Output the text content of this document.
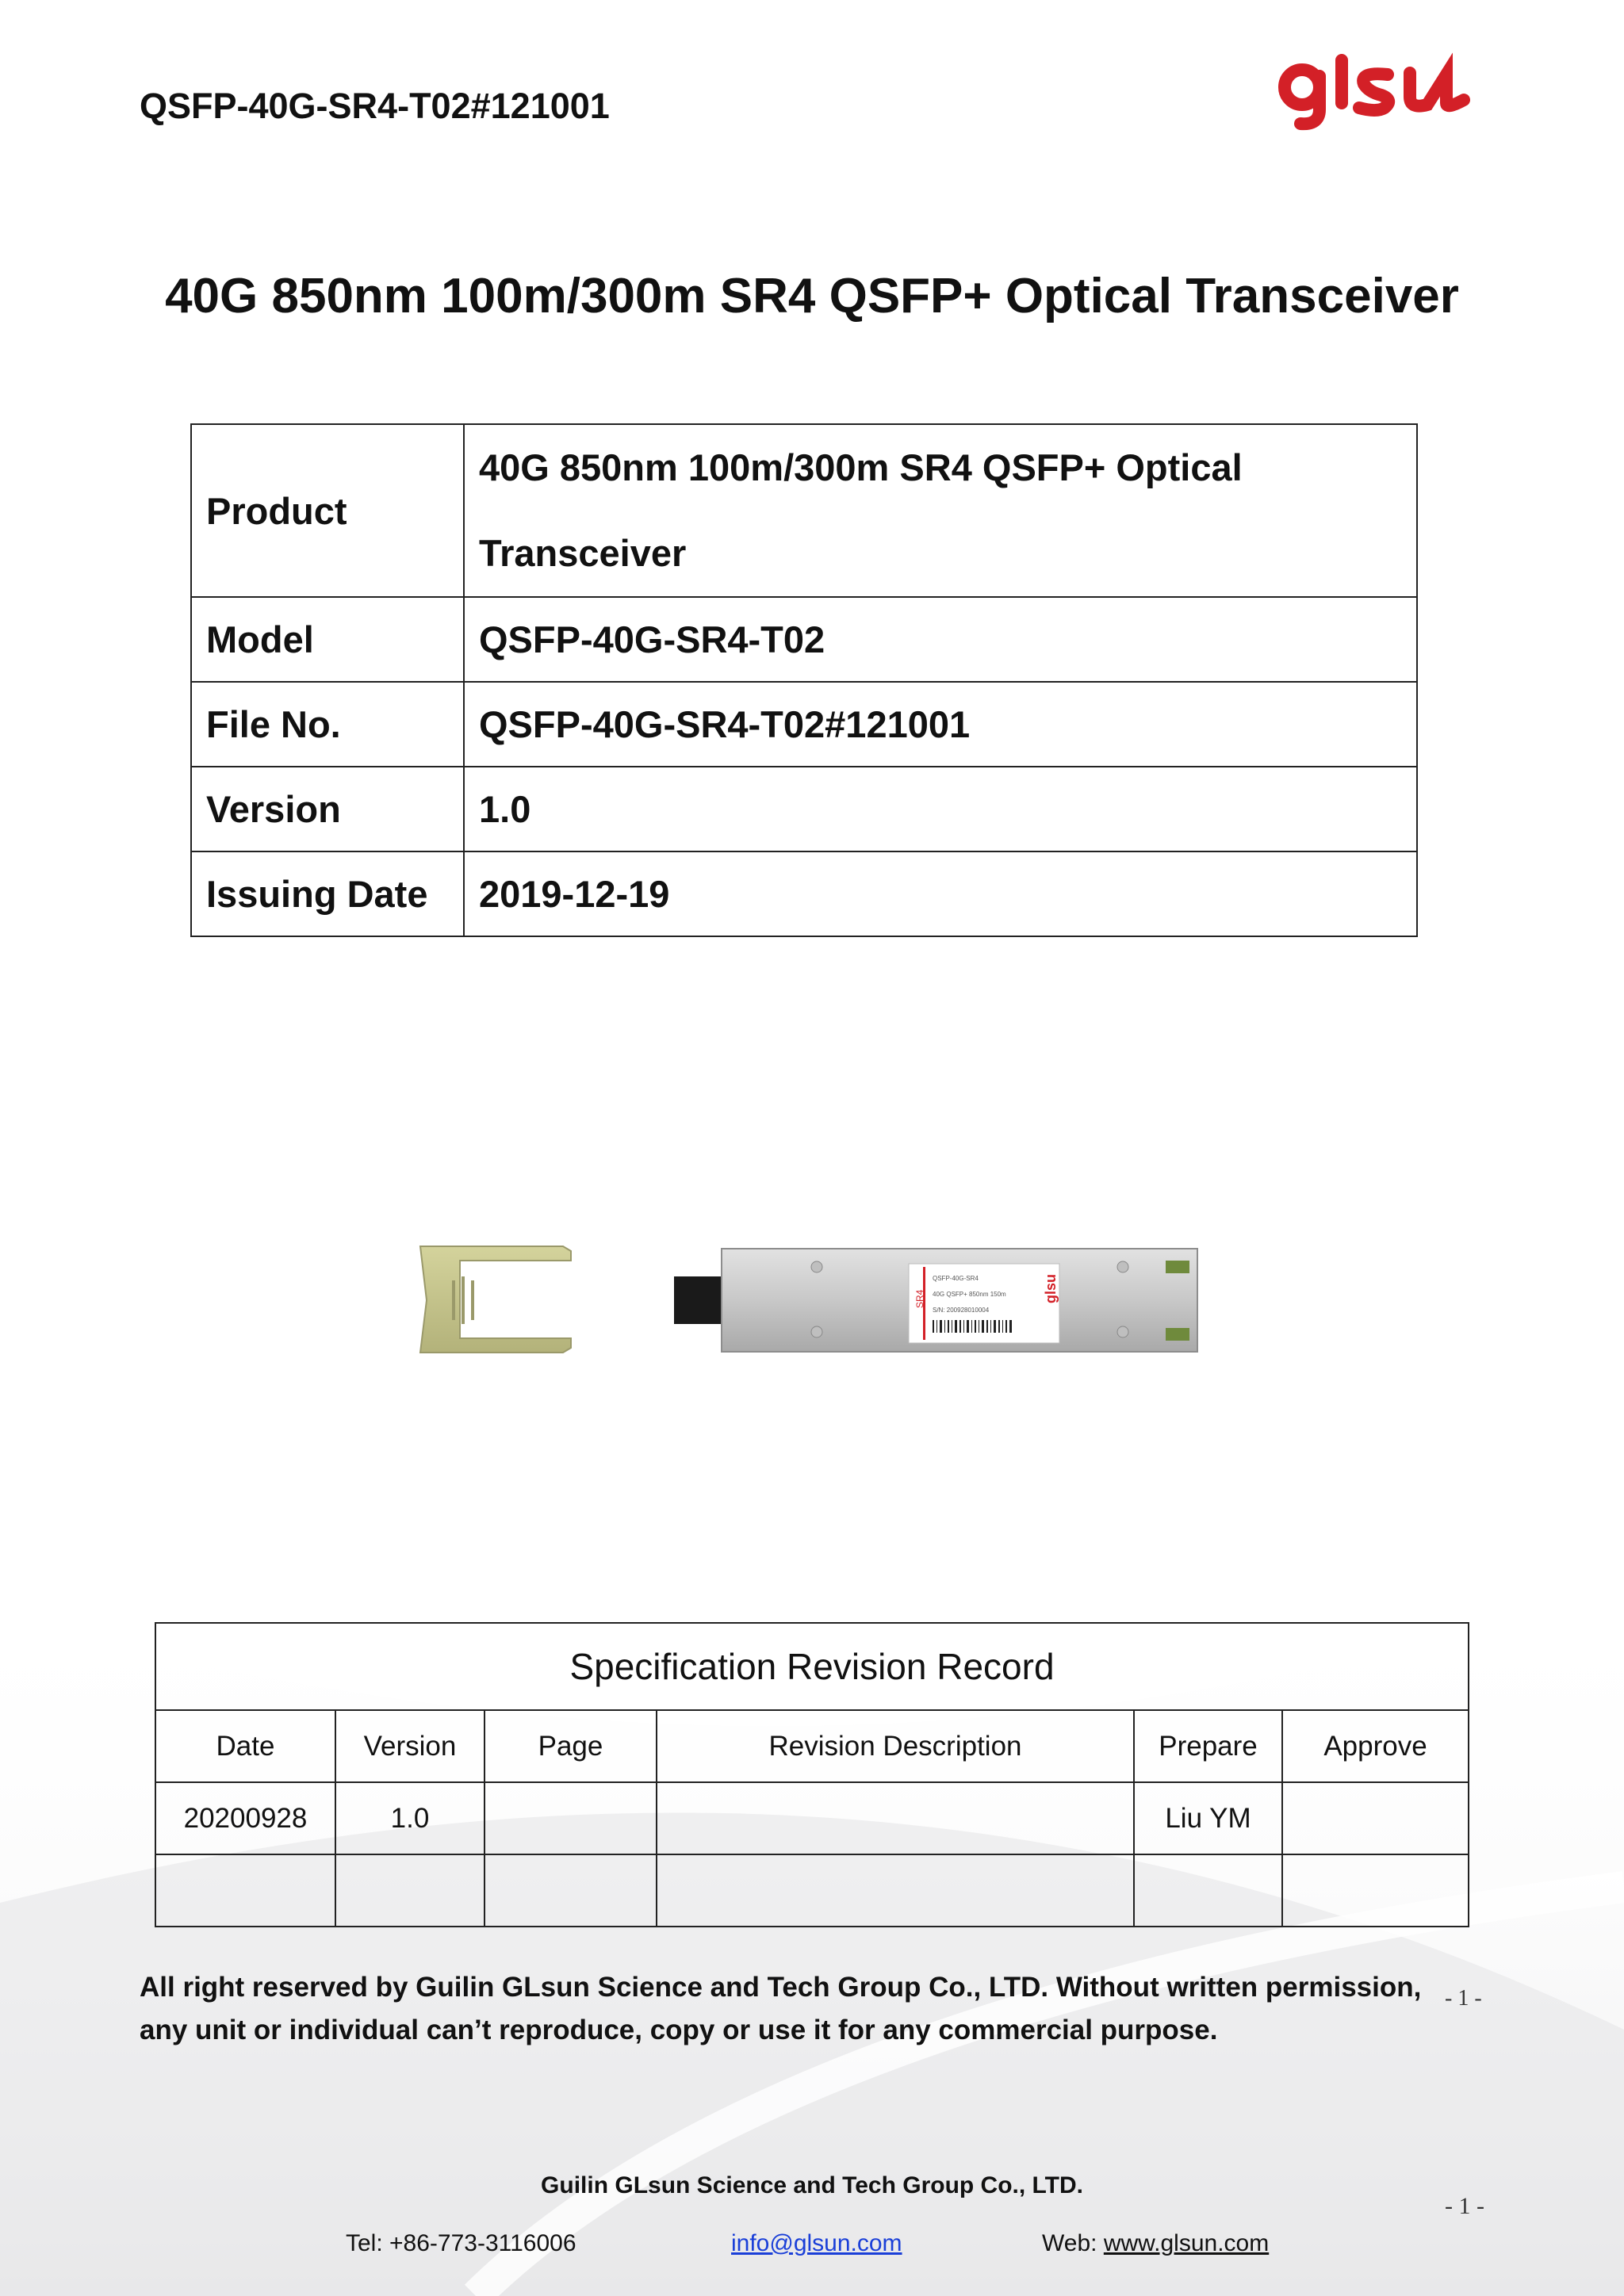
QSFP-40G-SR4-T02#121001
40G 850nm 100m/300m SR4 QSFP+ Optical Transceiver
Product	40G 850nm 100m/300m SR4 QSFP+ Optical
Transceiver

Model	QSFP-40G-SR4-T02
File No.	QSFP-40G-SR4-T02#121001
Version	1.0
Issuing Date	2019-12-19
SR4
QSFP-40G-SR4
40G QSFP+ 850nm 150m
S/N: 200928010004
glsu
Specification Revision Record					
Date	Version	Page	Revision Description	Prepare	Approve
20200928	1.0			Liu YM	

All right reserved by Guilin GLsun Science and Tech Group Co., LTD. Without written permission,
any unit or individual can’t reproduce, copy or use it for any commercial purpose.
- 1 -
Guilin GLsun Science and Tech Group Co., LTD.
- 1 -
Tel: +86-773-3116006	info@glsun.com	Web: www.glsun.com
